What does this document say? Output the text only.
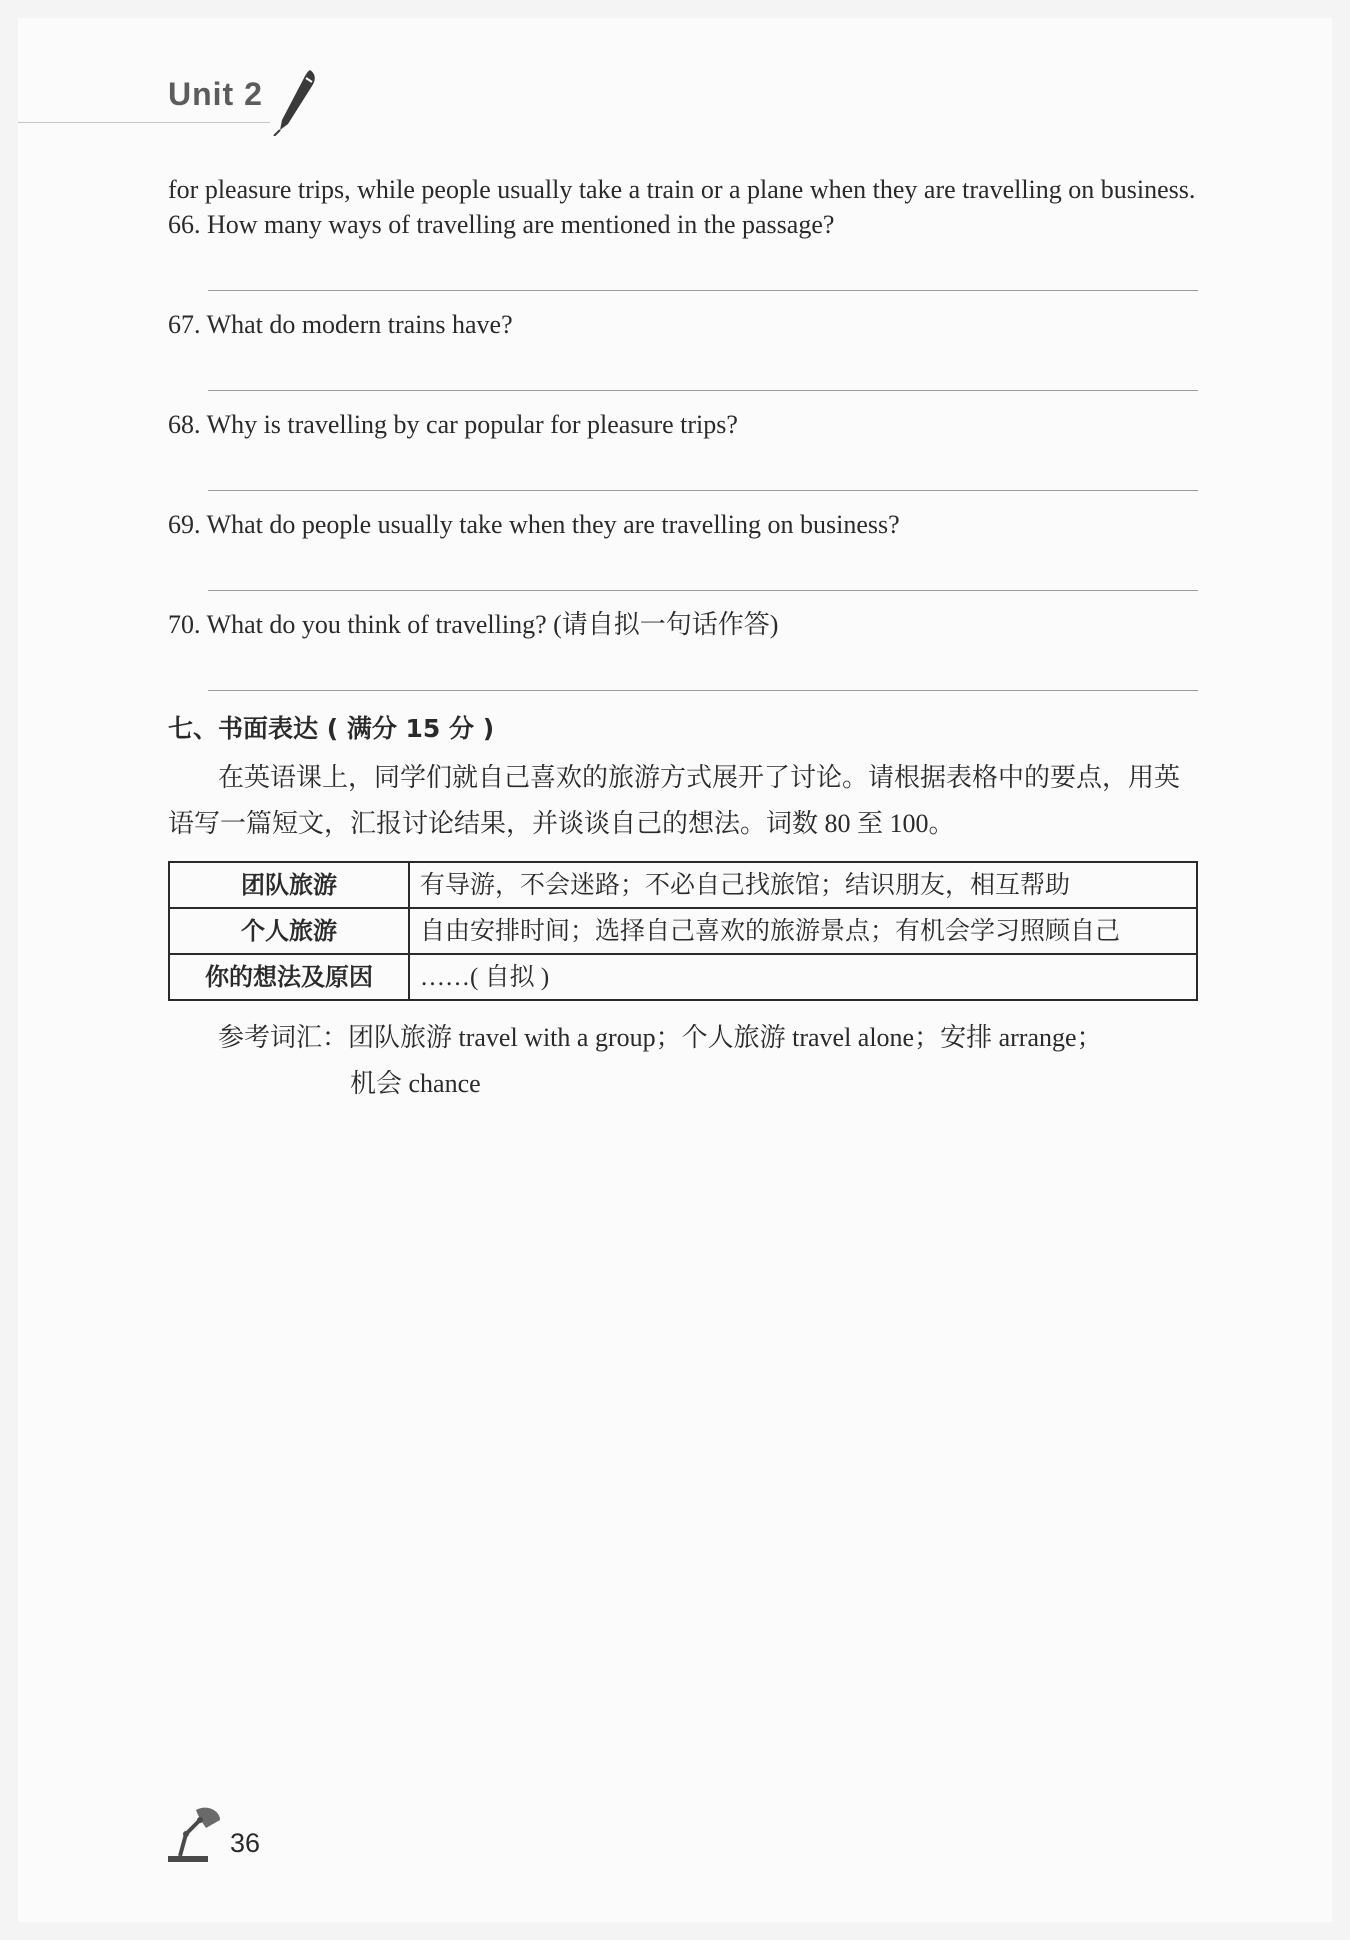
Unit 2

for pleasure trips, while people usually take a train or a plane when they are travelling on business.

66. How many ways of travelling are mentioned in the passage?

67. What do modern trains have?

68. Why is travelling by car popular for pleasure trips?

69. What do people usually take when they are travelling on business?

70. What do you think of travelling? (请自拟一句话作答)

七、书面表达 ( 满分 15 分 )

在英语课上，同学们就自己喜欢的旅游方式展开了讨论。请根据表格中的要点，用英语写一篇短文，汇报讨论结果，并谈谈自己的想法。词数 80 至 100。

团队旅游	有导游，不会迷路；不必自己找旅馆；结识朋友，相互帮助
个人旅游	自由安排时间；选择自己喜欢的旅游景点；有机会学习照顾自己
你的想法及原因	……( 自拟 )

参考词汇：团队旅游 travel with a group；个人旅游 travel alone；安排 arrange；

机会 chance

36
